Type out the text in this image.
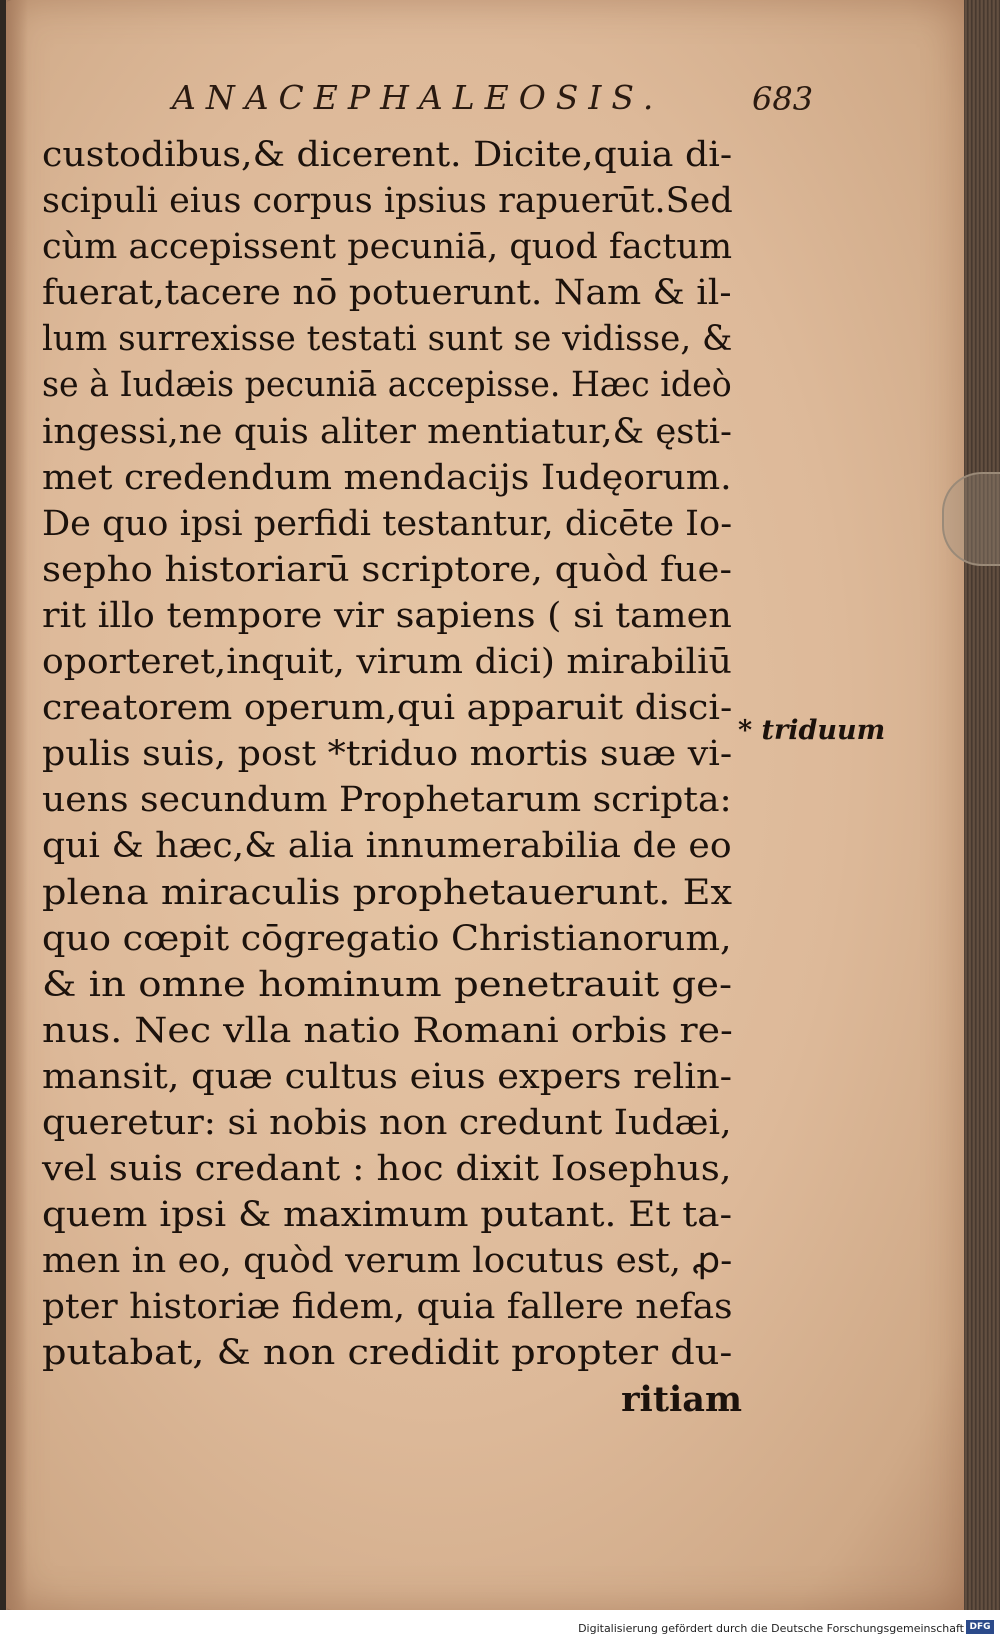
ANACEPHALEOSIS.	683
custodibus,& dicerent. Dicite,quia di-
scipuli eius corpus ipsius rapuerūt.Sed
cùm accepissent pecuniā, quod factum
fuerat,tacere nō potuerunt. Nam & il-
lum surrexisse testati sunt se vidisse, &
se à Iudæis pecuniā accepisse. Hæc ideò
ingessi,ne quis aliter mentiatur,& ęsti-
met credendum mendacijs Iudęorum.
De quo ipsi perfidi testantur, dicēte Io-
sepho historiarū scriptore, quòd fue-
rit illo tempore vir sapiens ( si tamen
oporteret,inquit, virum dici) mirabiliū
creatorem operum,qui apparuit disci-
pulis suis, post *triduo mortis suæ vi-
uens secundum Prophetarum scripta:
qui & hæc,& alia innumerabilia de eo
plena miraculis prophetauerunt. Ex
quo cœpit cōgregatio Christianorum,
& in omne hominum penetrauit ge-
nus. Nec vlla natio Romani orbis re-
mansit, quæ cultus eius expers relin-
queretur: si nobis non credunt Iudæi,
vel suis credant : hoc dixit Iosephus,
quem ipsi & maximum putant. Et ta-
men in eo, quòd verum locutus est, ꝓ-
pter historiæ fidem, quia fallere nefas
putabat, & non credidit propter du-
ritiam
* triduum
Digitalisierung gefördert durch die Deutsche Forschungsgemeinschaft DFG
